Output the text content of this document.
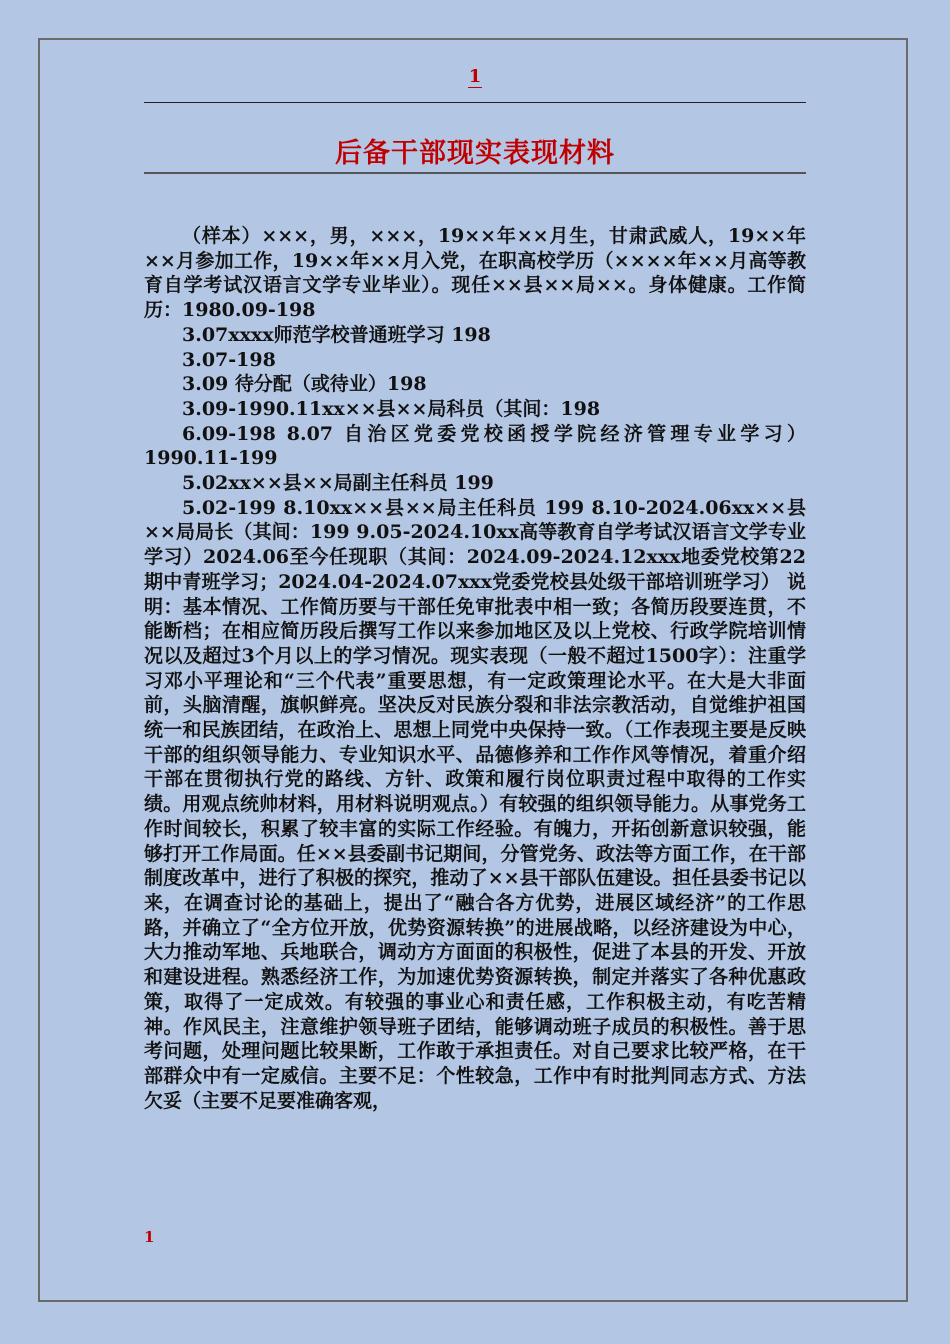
1
后备干部现实表现材料

（样本）×××，男，×××，19××年××月生，甘肃武威人，19××年××月参加工作，19××年××月入党，在职高校学历（××××年××月高等教育自学考试汉语言文学专业毕业）。现任××县××局××。身体健康。工作简历：1980.09-198

3.07xxxx师范学校普通班学习 198

3.07-198

3.09 待分配（或待业）198

3.09-1990.11xx××县××局科员（其间：198

6.09-198 8.07 自治区党委党校函授学院经济管理专业学习）1990.11-199

5.02xx××县××局副主任科员 199

5.02-199 8.10xx××县××局主任科员 199 8.10-2024.06xx××县××局局长（其间：199 9.05-2024.10xx高等教育自学考试汉语言文学专业学习）2024.06至今任现职（其间：2024.09-2024.12xxx地委党校第22期中青班学习；2024.04-2024.07xxx党委党校县处级干部培训班学习） 说明：基本情况、工作简历要与干部任免审批表中相一致；各简历段要连贯，不能断档；在相应简历段后撰写工作以来参加地区及以上党校、行政学院培训情况以及超过3个月以上的学习情况。现实表现（一般不超过1500字）：注重学习邓小平理论和“三个代表”重要思想，有一定政策理论水平。在大是大非面前，头脑清醒，旗帜鲜亮。坚决反对民族分裂和非法宗教活动，自觉维护祖国统一和民族团结，在政治上、思想上同党中央保持一致。（工作表现主要是反映干部的组织领导能力、专业知识水平、品德修养和工作作风等情况，着重介绍干部在贯彻执行党的路线、方针、政策和履行岗位职责过程中取得的工作实绩。用观点统帅材料，用材料说明观点。）有较强的组织领导能力。从事党务工作时间较长，积累了较丰富的实际工作经验。有魄力，开拓创新意识较强，能够打开工作局面。任××县委副书记期间，分管党务、政法等方面工作，在干部制度改革中，进行了积极的探究，推动了××县干部队伍建设。担任县委书记以来，在调查讨论的基础上，提出了“融合各方优势，进展区域经济”的工作思路，并确立了“全方位开放，优势资源转换”的进展战略，以经济建设为中心，大力推动军地、兵地联合，调动方方面面的积极性，促进了本县的开发、开放和建设进程。熟悉经济工作，为加速优势资源转换，制定并落实了各种优惠政策，取得了一定成效。有较强的事业心和责任感，工作积极主动，有吃苦精神。作风民主，注意维护领导班子团结，能够调动班子成员的积极性。善于思考问题，处理问题比较果断，工作敢于承担责任。对自己要求比较严格，在干部群众中有一定威信。主要不足：个性较急，工作中有时批判同志方式、方法欠妥（主要不足要准确客观，

1
